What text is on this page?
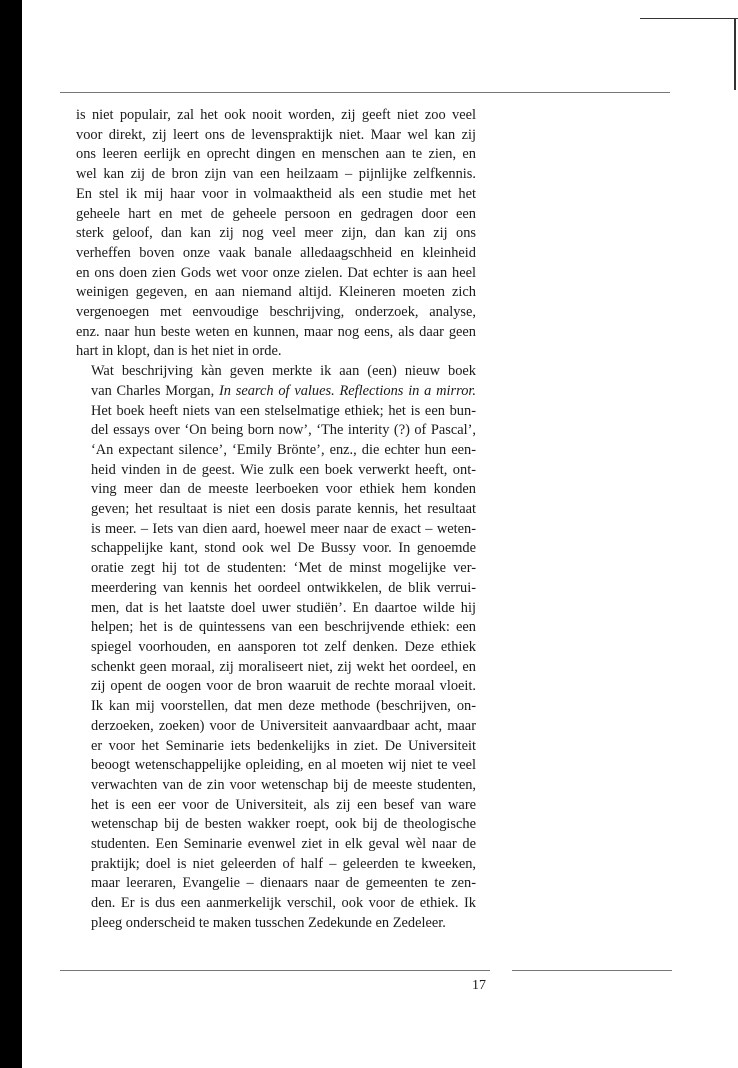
is niet populair, zal het ook nooit worden, zij geeft niet zoo veel
voor direkt, zij leert ons de levenspraktijk niet. Maar wel kan zij
ons leeren eerlijk en oprecht dingen en menschen aan te zien, en
wel kan zij de bron zijn van een heilzaam – pijnlijke zelfkennis.
En stel ik mij haar voor in volmaaktheid als een studie met het
geheele hart en met de geheele persoon en gedragen door een
sterk geloof, dan kan zij nog veel meer zijn, dan kan zij ons
verheffen boven onze vaak banale alledaagschheid en kleinheid
en ons doen zien Gods wet voor onze zielen. Dat echter is aan heel
weinigen gegeven, en aan niemand altijd. Kleineren moeten zich
vergenoegen met eenvoudige beschrijving, onderzoek, analyse,
enz. naar hun beste weten en kunnen, maar nog eens, als daar geen
hart in klopt, dan is het niet in orde.

Wat beschrijving kàn geven merkte ik aan (een) nieuw boek
van Charles Morgan, In search of values. Reflections in a mirror.
Het boek heeft niets van een stelselmatige ethiek; het is een bun-
del essays over ‘On being born now’, ‘The interity (?) of Pascal’,
‘An expectant silence’, ‘Emily Brönte’, enz., die echter hun een-
heid vinden in de geest. Wie zulk een boek verwerkt heeft, ont-
ving meer dan de meeste leerboeken voor ethiek hem konden
geven; het resultaat is niet een dosis parate kennis, het resultaat
is meer. – Iets van dien aard, hoewel meer naar de exact – weten-
schappelijke kant, stond ook wel De Bussy voor. In genoemde
oratie zegt hij tot de studenten: ‘Met de minst mogelijke ver-
meerdering van kennis het oordeel ontwikkelen, de blik verrui-
men, dat is het laatste doel uwer studiën’. En daartoe wilde hij
helpen; het is de quintessens van een beschrijvende ethiek: een
spiegel voorhouden, en aansporen tot zelf denken. Deze ethiek
schenkt geen moraal, zij moraliseert niet, zij wekt het oordeel, en
zij opent de oogen voor de bron waaruit de rechte moraal vloeit.
Ik kan mij voorstellen, dat men deze methode (beschrijven, on-
derzoeken, zoeken) voor de Universiteit aanvaardbaar acht, maar
er voor het Seminarie iets bedenkelijks in ziet. De Universiteit
beoogt wetenschappelijke opleiding, en al moeten wij niet te veel
verwachten van de zin voor wetenschap bij de meeste studenten,
het is een eer voor de Universiteit, als zij een besef van ware
wetenschap bij de besten wakker roept, ook bij de theologische
studenten. Een Seminarie evenwel ziet in elk geval wèl naar de
praktijk; doel is niet geleerden of half – geleerden te kweeken,
maar leeraren, Evangelie – dienaars naar de gemeenten te zen-
den. Er is dus een aanmerkelijk verschil, ook voor de ethiek. Ik
pleeg onderscheid te maken tusschen Zedekunde en Zedeleer.

17
